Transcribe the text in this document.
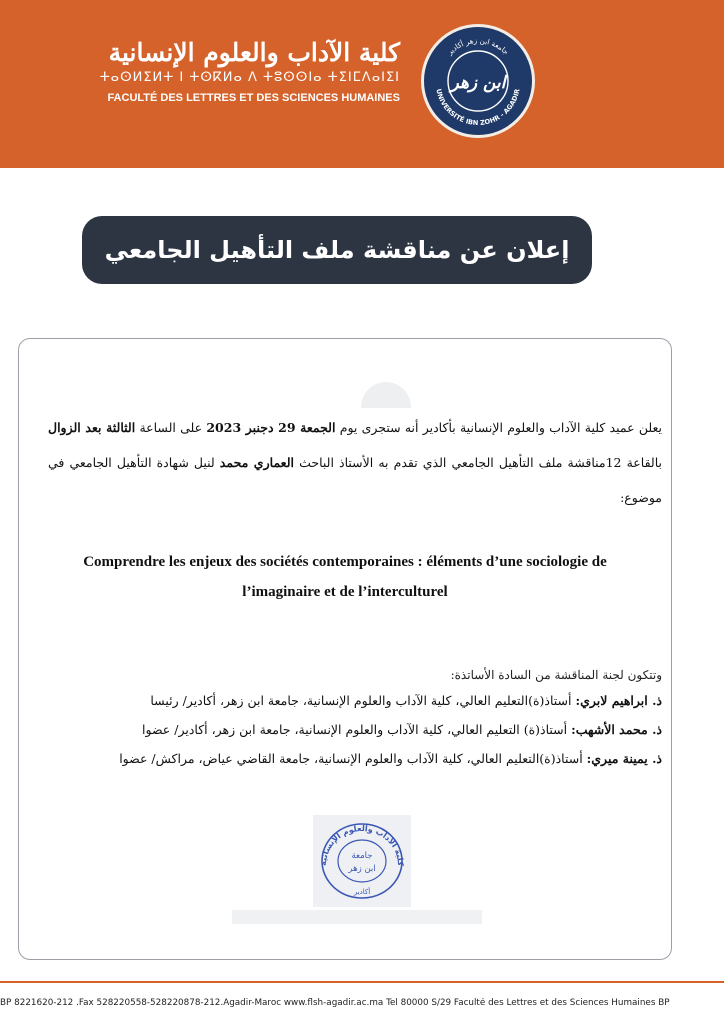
جامعة ابن زهر أكادير
UNIVERSITÉ IBN ZOHR - AGADIR
ابن زهر
كلية الآداب والعلوم الإنسانية
ⵜⴰⵙⵍⵉⵍⵜ ⵏ ⵜⵙⴽⵍⴰ ⴷ ⵜⵓⵙⵙⵏⴰ ⵜⵉⵏⵎⴷⴰⵏⵉⵏ
FACULTÉ DES LETTRES ET DES SCIENCES HUMAINES
إعلان عن مناقشة ملف التأهيل الجامعي
يعلن عميد كلية الآداب والعلوم الإنسانية بأكادير أنه ستجرى يوم الجمعة 29 دجنبر 2023 على الساعة الثالثة بعد الزوال بالقاعة 12مناقشة ملف التأهيل الجامعي الذي تقدم به الأستاذ الباحث العماري محمد لنيل شهادة التأهيل الجامعي في موضوع:
Comprendre les enjeux des sociétés contemporaines : éléments d’une sociologie de
l’imaginaire et de l’interculturel
وتتكون لجنة المناقشة من السادة الأساتذة:
ذ. ابراهيم لابري: أستاذ(ة)التعليم العالي، كلية الآداب والعلوم الإنسانية، جامعة ابن زهر، أكادير/ رئيسا
ذ. محمد الأشهب: أستاذ(ة) التعليم العالي، كلية الآداب والعلوم الإنسانية، جامعة ابن زهر، أكادير/ عضوا
ذ. يمينة ميري: أستاذ(ة)التعليم العالي، كلية الآداب والعلوم الإنسانية، جامعة القاضي عياض، مراكش/ عضوا
كلية الآداب والعلوم الإنسانية
جامعة
ابن زهر
أكادير
BP 8221620-212 .Fax 528220558-528220878-212.Agadir-Maroc www.flsh-agadir.ac.ma Tel 80000 S/29 Faculté des Lettres et des Sciences Humaines BP
